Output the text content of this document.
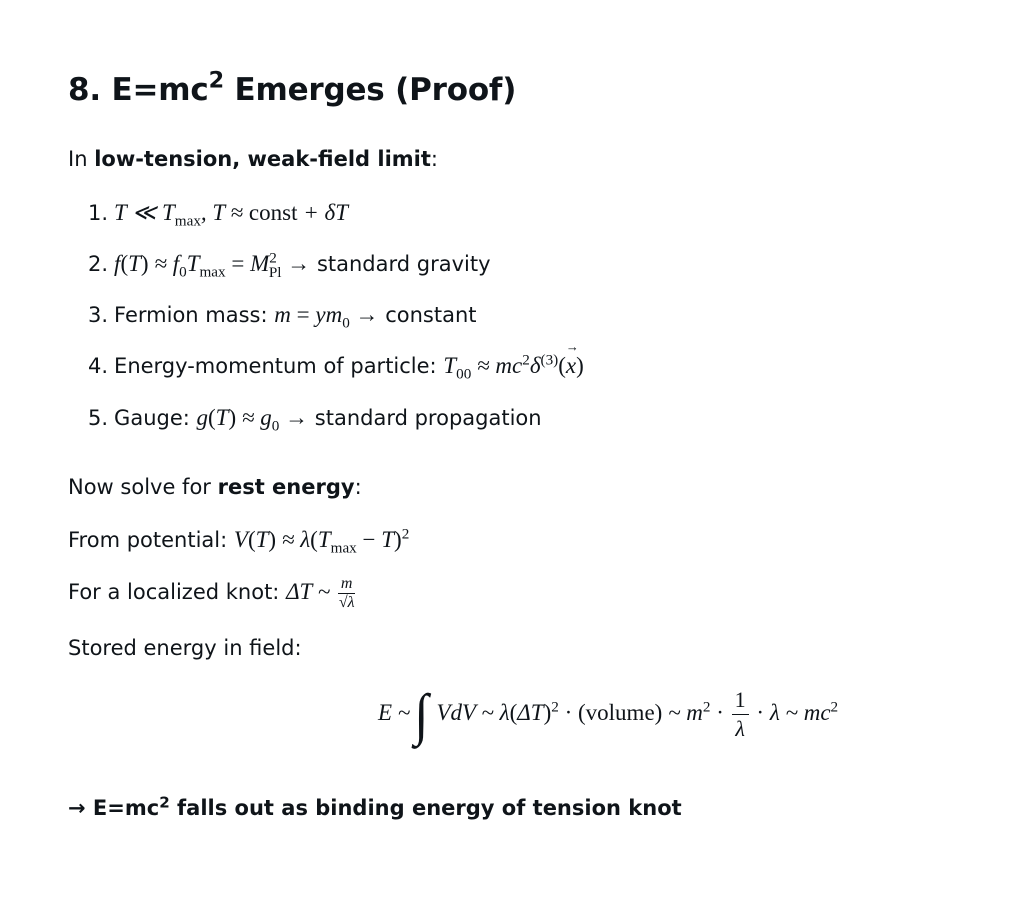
8. $E=mc^2$ Emerges (Proof)
In low-tension, weak-field limit:
1. T ≪ $T_{max}$, T ≈ const + δT
2. $f(T) \approx f_0T_{max} = M^2_{Pl}$ → standard gravity
3. Fermion mass: $m = ym_0$ → constant
4. Energy-momentum of particle: $T_{00} \approx mc^2\delta^{(3)}(x$ →)
5. Gauge: $g(T) \approx g_0$ → standard propagation
Now solve for rest energy:
From potential: $V(T) \approx \lambda(T_{max} - T)^2$
For a localized knot: ΔT ~ $\frac{m}{√\lambda}$
Stored energy in field:
E ~∫ VdV ~ $\lambda(\Delta T)^2$ · (volume) ~ $m^2 \cdot \frac{1}{\lambda} \cdot \lambda$ ~ $mc^2$
→ $E=mc^2$ falls out as binding energy of tension knot
